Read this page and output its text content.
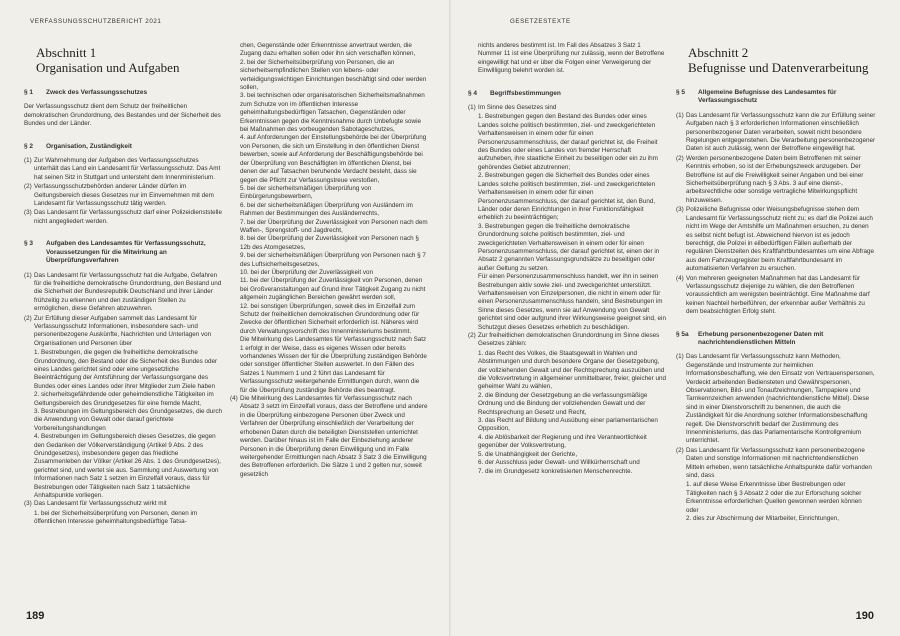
VERFASSUNGSSCHUTZBERICHT 2021	GESETZESTEXTE
Abschnitt 1
Organisation und Aufgaben
§ 1	Zweck des Verfassungsschutzes

Der Verfassungsschutz dient dem Schutz der freiheitlichen demokratischen Grundordnung, des Bestandes und der Sicherheit des Bundes und der Länder.

§ 2	Organisation, Zuständigkeit
(1) Zur Wahrnehmung der Aufgaben des Verfassungsschutzes unterhält das Land ein Landesamt für Verfassungsschutz. Das Amt hat seinen Sitz in Stuttgart und untersteht dem Innenministerium.
(2) Verfassungsschutzbehörden anderer Länder dürfen im Geltungsbereich dieses Gesetzes nur im Einvernehmen mit dem Landesamt für Verfassungsschutz tätig werden.
(3) Das Landesamt für Verfassungsschutz darf einer Polizeidienststelle nicht angegliedert werden.
§ 3	Aufgaben des Landesamtes für Verfassungsschutz, Voraussetzungen für die Mitwirkung an Überprüfungsverfahren
(1) Das Landesamt für Verfassungsschutz hat die Aufgabe, Gefahren für die freiheitliche demokratische Grundordnung, den Bestand und die Sicherheit der Bundesrepublik Deutschland und ihrer Länder frühzeitig zu erkennen und den zuständigen Stellen zu ermöglichen, diese Gefahren abzuwehren.
(2) Zur Erfüllung dieser Aufgaben sammelt das Landesamt für Verfassungsschutz Informationen, insbesondere sach- und personenbezogene Auskünfte, Nachrichten und Unterlagen von Organisationen und Personen über

1. Bestrebungen, die gegen die freiheitliche demokratische Grundordnung, den Bestand oder die Sicherheit des Bundes oder eines Landes gerichtet sind oder eine ungesetzliche Beeinträchtigung der Amtsführung der Verfassungsorgane des Bundes oder eines Landes oder ihrer Mitglieder zum Ziele haben

2. sicherheitsgefährdende oder geheimdienstliche Tätigkeiten im Geltungsbereich des Grundgesetzes für eine fremde Macht,

3. Bestrebungen im Geltungsbereich des Grundgesetzes, die durch die Anwendung von Gewalt oder darauf gerichtete Vorbereitungshandlungen

4. Bestrebungen im Geltungsbereich dieses Gesetzes, die gegen den Gedanken der Völkerverständigung (Artikel 9 Abs. 2 des Grundgesetzes), insbesondere gegen das friedliche Zusammenleben der Völker (Artikel 26 Abs. 1 des Grundgesetzes), gerichtet sind, und wertet sie aus. Sammlung und Auswertung von Informationen nach Satz 1 setzen im Einzelfall voraus, dass für Bestrebungen oder Tätigkeiten nach Satz 1 tatsächliche Anhaltspunkte vorliegen.

(3) Das Landesamt für Verfassungsschutz wirkt mit

1. bei der Sicherheitsüberprüfung von Personen, denen im öffentlichen Interesse geheimhaltungsbedürftige Tatsa-

chen, Gegenstände oder Erkenntnisse anvertraut werden, die Zugang dazu erhalten sollen oder ihn sich verschaffen können,

2. bei der Sicherheitsüberprüfung von Personen, die an sicherheitsempfindlichen Stellen von lebens- oder verteidigungswichtigen Einrichtungen beschäftigt sind oder werden sollen,

3. bei technischen oder organisatorischen Sicherheitsmaßnahmen zum Schutze von im öffentlichen Interesse geheimhaltungsbedürftigen Tatsachen, Gegenständen oder Erkenntnissen gegen die Kenntnisnahme durch Unbefugte sowie bei Maßnahmen des vorbeugenden Sabotageschutzes,

4. auf Anforderungen der Einstellungsbehörde bei der Überprüfung von Personen, die sich um Einstellung in den öffentlichen Dienst bewerben, sowie auf Anforderung der Beschäftigungsbehörde bei der Überprüfung von Beschäftigten im öffentlichen Dienst, bei denen der auf Tatsachen beruhende Verdacht besteht, dass sie gegen die Pflicht zur Verfassungstreue verstoßen,

5. bei der sicherheitsmäßigen Überprüfung von Einbürgerungsbewerbern,

6. bei der sicherheitsmäßigen Überprüfung von Ausländern im Rahmen der Bestimmungen des Ausländerrechts,

7. bei der Überprüfung der Zuverlässigkeit von Personen nach dem Waffen-, Sprengstoff- und Jagdrecht,

8. bei der Überprüfung der Zuverlässigkeit von Personen nach § 12b des Atomgesetzes,

9. bei der sicherheitsmäßigen Überprüfung von Personen nach § 7 des Luftsicherheitsgesetzes,

10. bei der Überprüfung der Zuverlässigkeit von

11. bei der Überprüfung der Zuverlässigkeit von Personen, denen bei Großveranstaltungen auf Grund ihrer Tätigkeit Zugang zu nicht allgemein zugänglichen Bereichen gewährt werden soll,

12. bei sonstigen Überprüfungen, soweit dies im Einzelfall zum Schutz der freiheitlichen demokratischen Grundordnung oder für Zwecke der öffentlichen Sicherheit erforderlich ist. Näheres wird durch Verwaltungsvorschrift des Innenministeriums bestimmt.

Die Mitwirkung des Landesamtes für Verfassungsschutz nach Satz 1 erfolgt in der Weise, dass es eigenes Wissen oder bereits vorhandenes Wissen der für die Überprüfung zuständigen Behörde oder sonstiger öffentlicher Stellen auswertet. In den Fällen des Satzes 1 Nummern 1 und 2 führt das Landesamt für Verfassungsschutz weitergehende Ermittlungen durch, wenn die für die Überprüfung zuständige Behörde dies beantragt.

(4) Die Mitwirkung des Landesamtes für Verfassungsschutz nach Absatz 3 setzt im Einzelfall voraus, dass der Betroffene und andere in die Überprüfung einbezogene Personen über Zweck und Verfahren der Überprüfung einschließlich der Verarbeitung der erhobenen Daten durch die beteiligten Dienststellen unterrichtet werden. Darüber hinaus ist im Falle der Einbeziehung anderer Personen in die Überprüfung deren Einwilligung und im Falle weitergehender Ermittlungen nach Absatz 3 Satz 3 die Einwilligung des Betroffenen erforderlich. Die Sätze 1 und 2 gelten nur, soweit gesetzlich

nichts anderes bestimmt ist. Im Fall des Absatzes 3 Satz 1 Nummer 11 ist eine Überprüfung nur zulässig, wenn der Betroffene eingewilligt hat und er über die Folgen einer Verweigerung der Einwilligung belehrt worden ist.

§ 4	Begriffsbestimmungen
(1) Im Sinne des Gesetzes sind

1. Bestrebungen gegen den Bestand des Bundes oder eines Landes solche politisch bestimmten, ziel- und zweckgerichteten Verhaltensweisen in einem oder für einen Personenzusammenschluss, der darauf gerichtet ist, die Freiheit des Bundes oder eines Landes von fremder Herrschaft aufzuheben, ihre staatliche Einheit zu beseitigen oder ein zu ihm gehörendes Gebiet abzutrennen;

2. Bestrebungen gegen die Sicherheit des Bundes oder eines Landes solche politisch bestimmten, ziel- und zweckgerichteten Verhaltensweisen in einem oder für einen Personenzusammenschluss, der darauf gerichtet ist, den Bund, Länder oder deren Einrichtungen in ihrer Funktionsfähigkeit erheblich zu beeinträchtigen;

3. Bestrebungen gegen die freiheitliche demokratische Grundordnung solche politisch bestimmten, ziel- und zweckgerichteten Verhaltensweisen in einem oder für einen Personenzusammenschluss, der darauf gerichtet ist, einen der in Absatz 2 genannten Verfassungsgrundsätze zu beseitigen oder außer Geltung zu setzen.

Für einen Personenzusammenschluss handelt, wer ihn in seinen Bestrebungen aktiv sowie ziel- und zweckgerichtet unterstützt. Verhaltensweisen von Einzelpersonen, die nicht in einem oder für einen Personenzusammenschluss handeln, sind Bestrebungen im Sinne dieses Gesetzes, wenn sie auf Anwendung von Gewalt gerichtet sind oder aufgrund ihrer Wirkungsweise geeignet sind, ein Schutzgut dieses Gesetzes erheblich zu beschädigen.

(2) Zur freiheitlichen demokratischen Grundordnung im Sinne dieses Gesetzes zählen:

1. das Recht des Volkes, die Staatsgewalt in Wahlen und Abstimmungen und durch besondere Organe der Gesetzgebung, der vollziehenden Gewalt und der Rechtsprechung auszuüben und die Volksvertretung in allgemeiner unmittelbarer, freier, gleicher und geheimer Wahl zu wählen,

2. die Bindung der Gesetzgebung an die verfassungsmäßige Ordnung und die Bindung der vollziehenden Gewalt und der Rechtsprechung an Gesetz und Recht,

3. das Recht auf Bildung und Ausübung einer parlamentarischen Opposition,

4. die Ablösbarkeit der Regierung und ihre Verantwortlichkeit gegenüber der Volksvertretung,

5. die Unabhängigkeit der Gerichte,

6. der Ausschluss jeder Gewalt- und Willkürherrschaft und

7. die im Grundgesetz konkretisierten Menschenrechte.

Abschnitt 2
Befugnisse und Datenverarbeitung
§ 5	Allgemeine Befugnisse des Landesamtes für Verfassungsschutz
(1) Das Landesamt für Verfassungsschutz kann die zur Erfüllung seiner Aufgaben nach § 3 erforderlichen Informationen einschließlich personenbezogener Daten verarbeiten, soweit nicht besondere Regelungen entgegenstehen. Die Verarbeitung personenbezogener Daten ist auch zulässig, wenn der Betroffene eingewilligt hat.
(2) Werden personenbezogene Daten beim Betroffenen mit seiner Kenntnis erhoben, so ist der Erhebungszweck anzugeben. Der Betroffene ist auf die Freiwilligkeit seiner Angaben und bei einer Sicherheitsüberprüfung nach § 3 Abs. 3 auf eine dienst-, arbeitsrechtliche oder sonstige vertragliche Mitwirkungspflicht hinzuweisen.
(3) Polizeiliche Befugnisse oder Weisungsbefugnisse stehen dem Landesamt für Verfassungsschutz nicht zu; es darf die Polizei auch nicht im Wege der Amtshilfe um Maßnahmen ersuchen, zu denen es selbst nicht befugt ist. Abweichend hiervon ist es jedoch berechtigt, die Polizei in eilbedürftigen Fällen außerhalb der regulären Dienstzeiten des Kraftfahrtbundesamtes um eine Abfrage aus dem Fahrzeugregister beim Kraftfahrtbundesamt im automatisierten Verfahren zu ersuchen.
(4) Von mehreren geeigneten Maßnahmen hat das Landesamt für Verfassungsschutz diejenige zu wählen, die den Betroffenen voraussichtlich am wenigsten beeinträchtigt. Eine Maßnahme darf keinen Nachteil herbeiführen, der erkennbar außer Verhältnis zu dem beabsichtigten Erfolg steht.
§ 5a	Erhebung personenbezogener Daten mit nachrichtendienstlichen Mitteln
(1) Das Landesamt für Verfassungsschutz kann Methoden, Gegenstände und Instrumente zur heimlichen Informationsbeschaffung, wie den Einsatz von Vertrauenspersonen, Verdeckt arbeitenden Bediensteten und Gewährspersonen, Observationen, Bild- und Tonaufzeichnungen, Tarnpapiere und Tarnkennzeichen anwenden (nachrichtendienstliche Mittel). Diese sind in einer Dienstvorschrift zu benennen, die auch die Zuständigkeit für die Anordnung solcher Informationsbeschaffung regelt. Die Dienstvorschrift bedarf der Zustimmung des Innenministeriums, das das Parlamentarische Kontrollgremium unterrichtet.
(2) Das Landesamt für Verfassungsschutz kann personenbezogene Daten und sonstige Informationen mit nachrichtendienstlichen Mitteln erheben, wenn tatsächliche Anhaltspunkte dafür vorhanden sind, dass

1. auf diese Weise Erkenntnisse über Bestrebungen oder Tätigkeiten nach § 3 Absatz 2 oder die zur Erforschung solcher Erkenntnisse erforderlichen Quellen gewonnen werden können oder

2. dies zur Abschirmung der Mitarbeiter, Einrichtungen,

189	190
